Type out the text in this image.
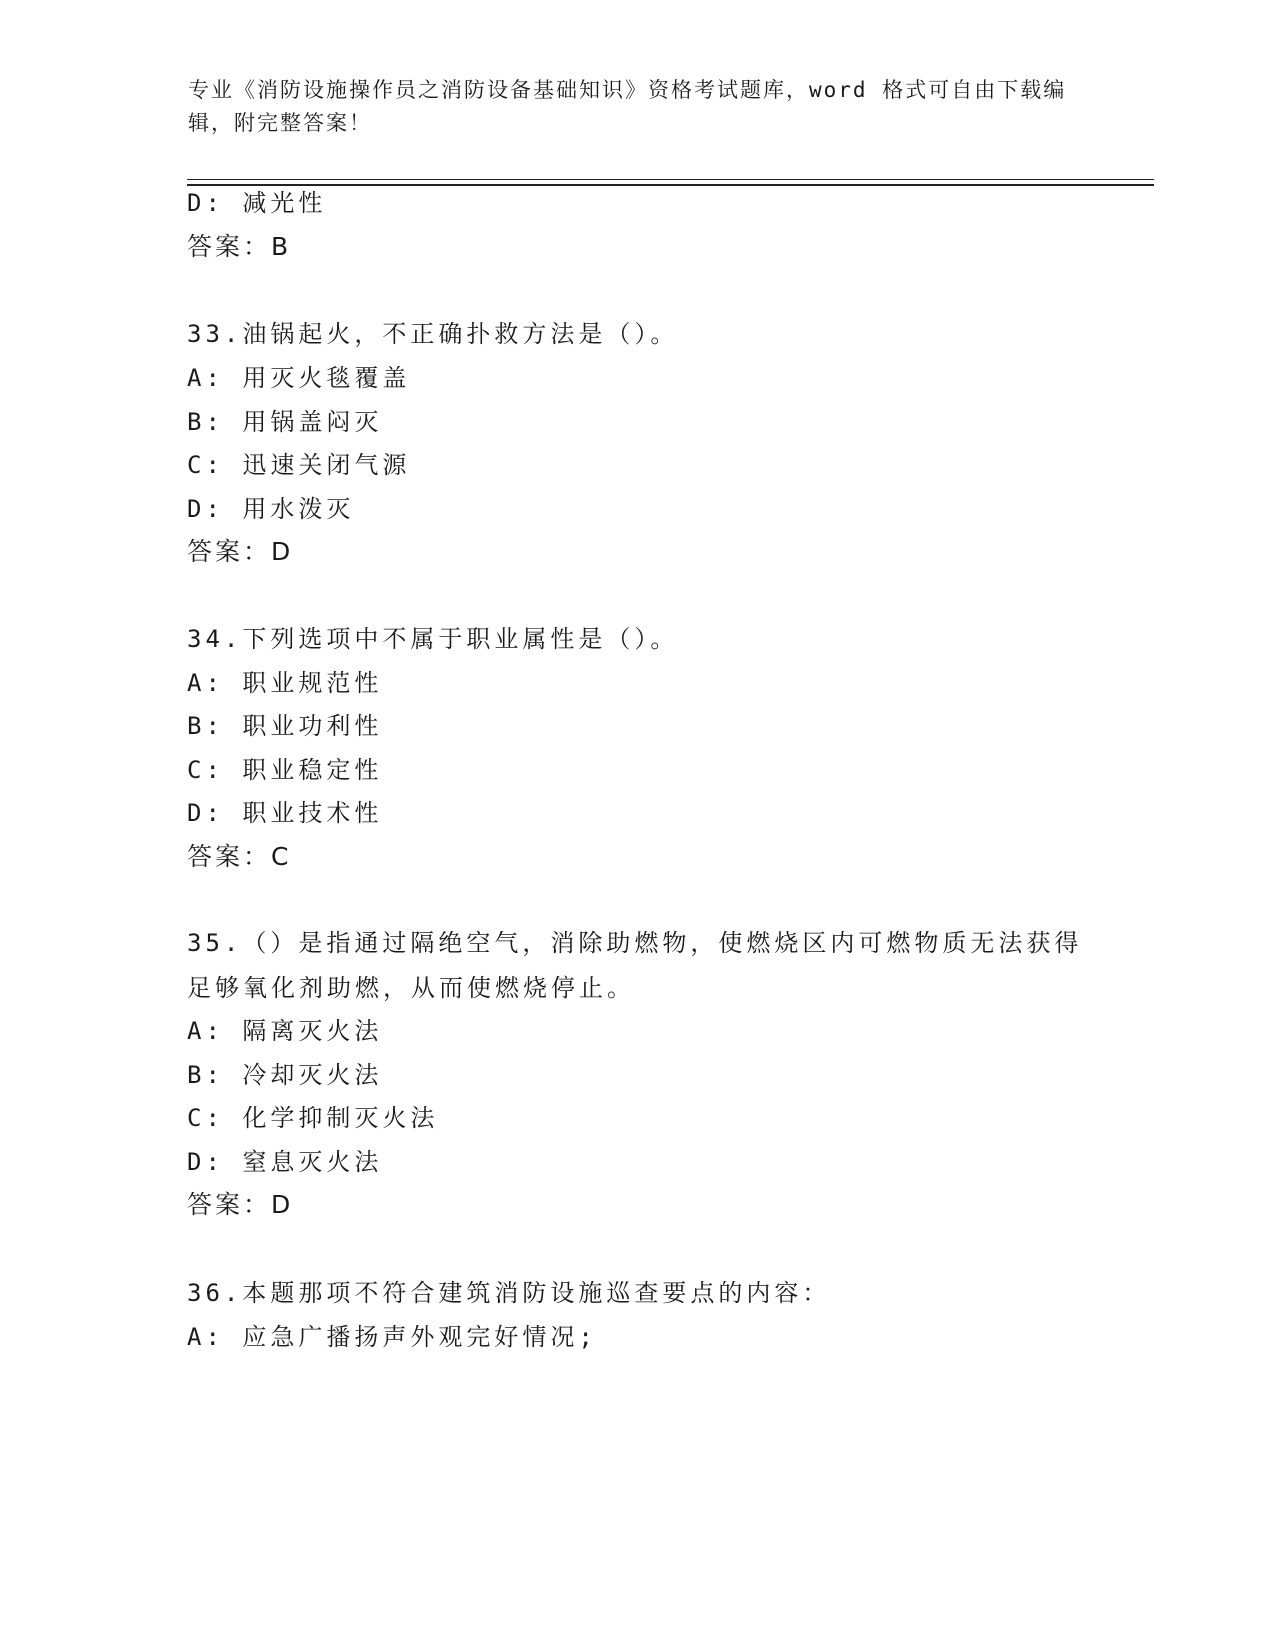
专业《消防设施操作员之消防设备基础知识》资格考试题库，word 格式可自由下载编辑，附完整答案！
D: 减光性
答案：B
33.油锅起火，不正确扑救方法是（）。
A: 用灭火毯覆盖
B: 用锅盖闷灭
C: 迅速关闭气源
D: 用水泼灭
答案：D
34.下列选项中不属于职业属性是（）。
A: 职业规范性
B: 职业功利性
C: 职业稳定性
D: 职业技术性
答案：C
35.（）是指通过隔绝空气，消除助燃物，使燃烧区内可燃物质无法获得足够氧化剂助燃，从而使燃烧停止。
A: 隔离灭火法
B: 冷却灭火法
C: 化学抑制灭火法
D: 窒息灭火法
答案：D
36.本题那项不符合建筑消防设施巡查要点的内容：
A: 应急广播扬声外观完好情况;
